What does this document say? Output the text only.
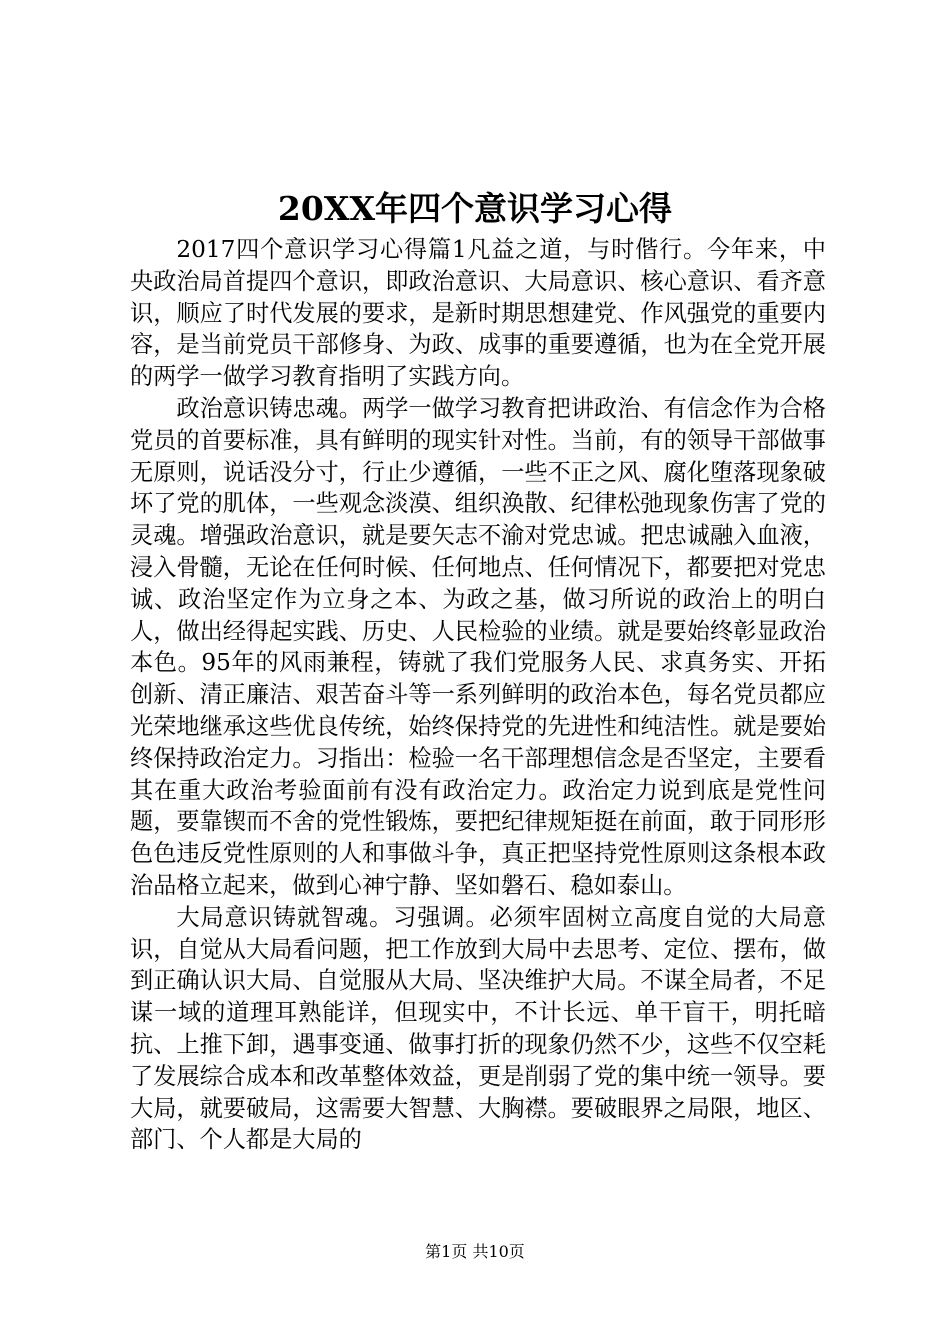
20XX年四个意识学习心得

2017四个意识学习心得篇1凡益之道，与时偕行。今年来，中央政治局首提四个意识，即政治意识、大局意识、核心意识、看齐意识，顺应了时代发展的要求，是新时期思想建党、作风强党的重要内容，是当前党员干部修身、为政、成事的重要遵循，也为在全党开展的两学一做学习教育指明了实践方向。

政治意识铸忠魂。两学一做学习教育把讲政治、有信念作为合格党员的首要标准，具有鲜明的现实针对性。当前，有的领导干部做事无原则，说话没分寸，行止少遵循，一些不正之风、腐化堕落现象破坏了党的肌体，一些观念淡漠、组织涣散、纪律松弛现象伤害了党的灵魂。增强政治意识，就是要矢志不渝对党忠诚。把忠诚融入血液，浸入骨髓，无论在任何时候、任何地点、任何情况下，都要把对党忠诚、政治坚定作为立身之本、为政之基，做习所说的政治上的明白人，做出经得起实践、历史、人民检验的业绩。就是要始终彰显政治本色。95年的风雨兼程，铸就了我们党服务人民、求真务实、开拓创新、清正廉洁、艰苦奋斗等一系列鲜明的政治本色，每名党员都应光荣地继承这些优良传统，始终保持党的先进性和纯洁性。就是要始终保持政治定力。习指出：检验一名干部理想信念是否坚定，主要看其在重大政治考验面前有没有政治定力。政治定力说到底是党性问题，要靠锲而不舍的党性锻炼，要把纪律规矩挺在前面，敢于同形形色色违反党性原则的人和事做斗争，真正把坚持党性原则这条根本政治品格立起来，做到心神宁静、坚如磐石、稳如泰山。

大局意识铸就智魂。习强调。必须牢固树立高度自觉的大局意识，自觉从大局看问题，把工作放到大局中去思考、定位、摆布，做到正确认识大局、自觉服从大局、坚决维护大局。不谋全局者，不足谋一域的道理耳熟能详，但现实中，不计长远、单干盲干，明托暗抗、上推下卸，遇事变通、做事打折的现象仍然不少，这些不仅空耗了发展综合成本和改革整体效益，更是削弱了党的集中统一领导。要大局，就要破局，这需要大智慧、大胸襟。要破眼界之局限，地区、部门、个人都是大局的

第1页 共10页
